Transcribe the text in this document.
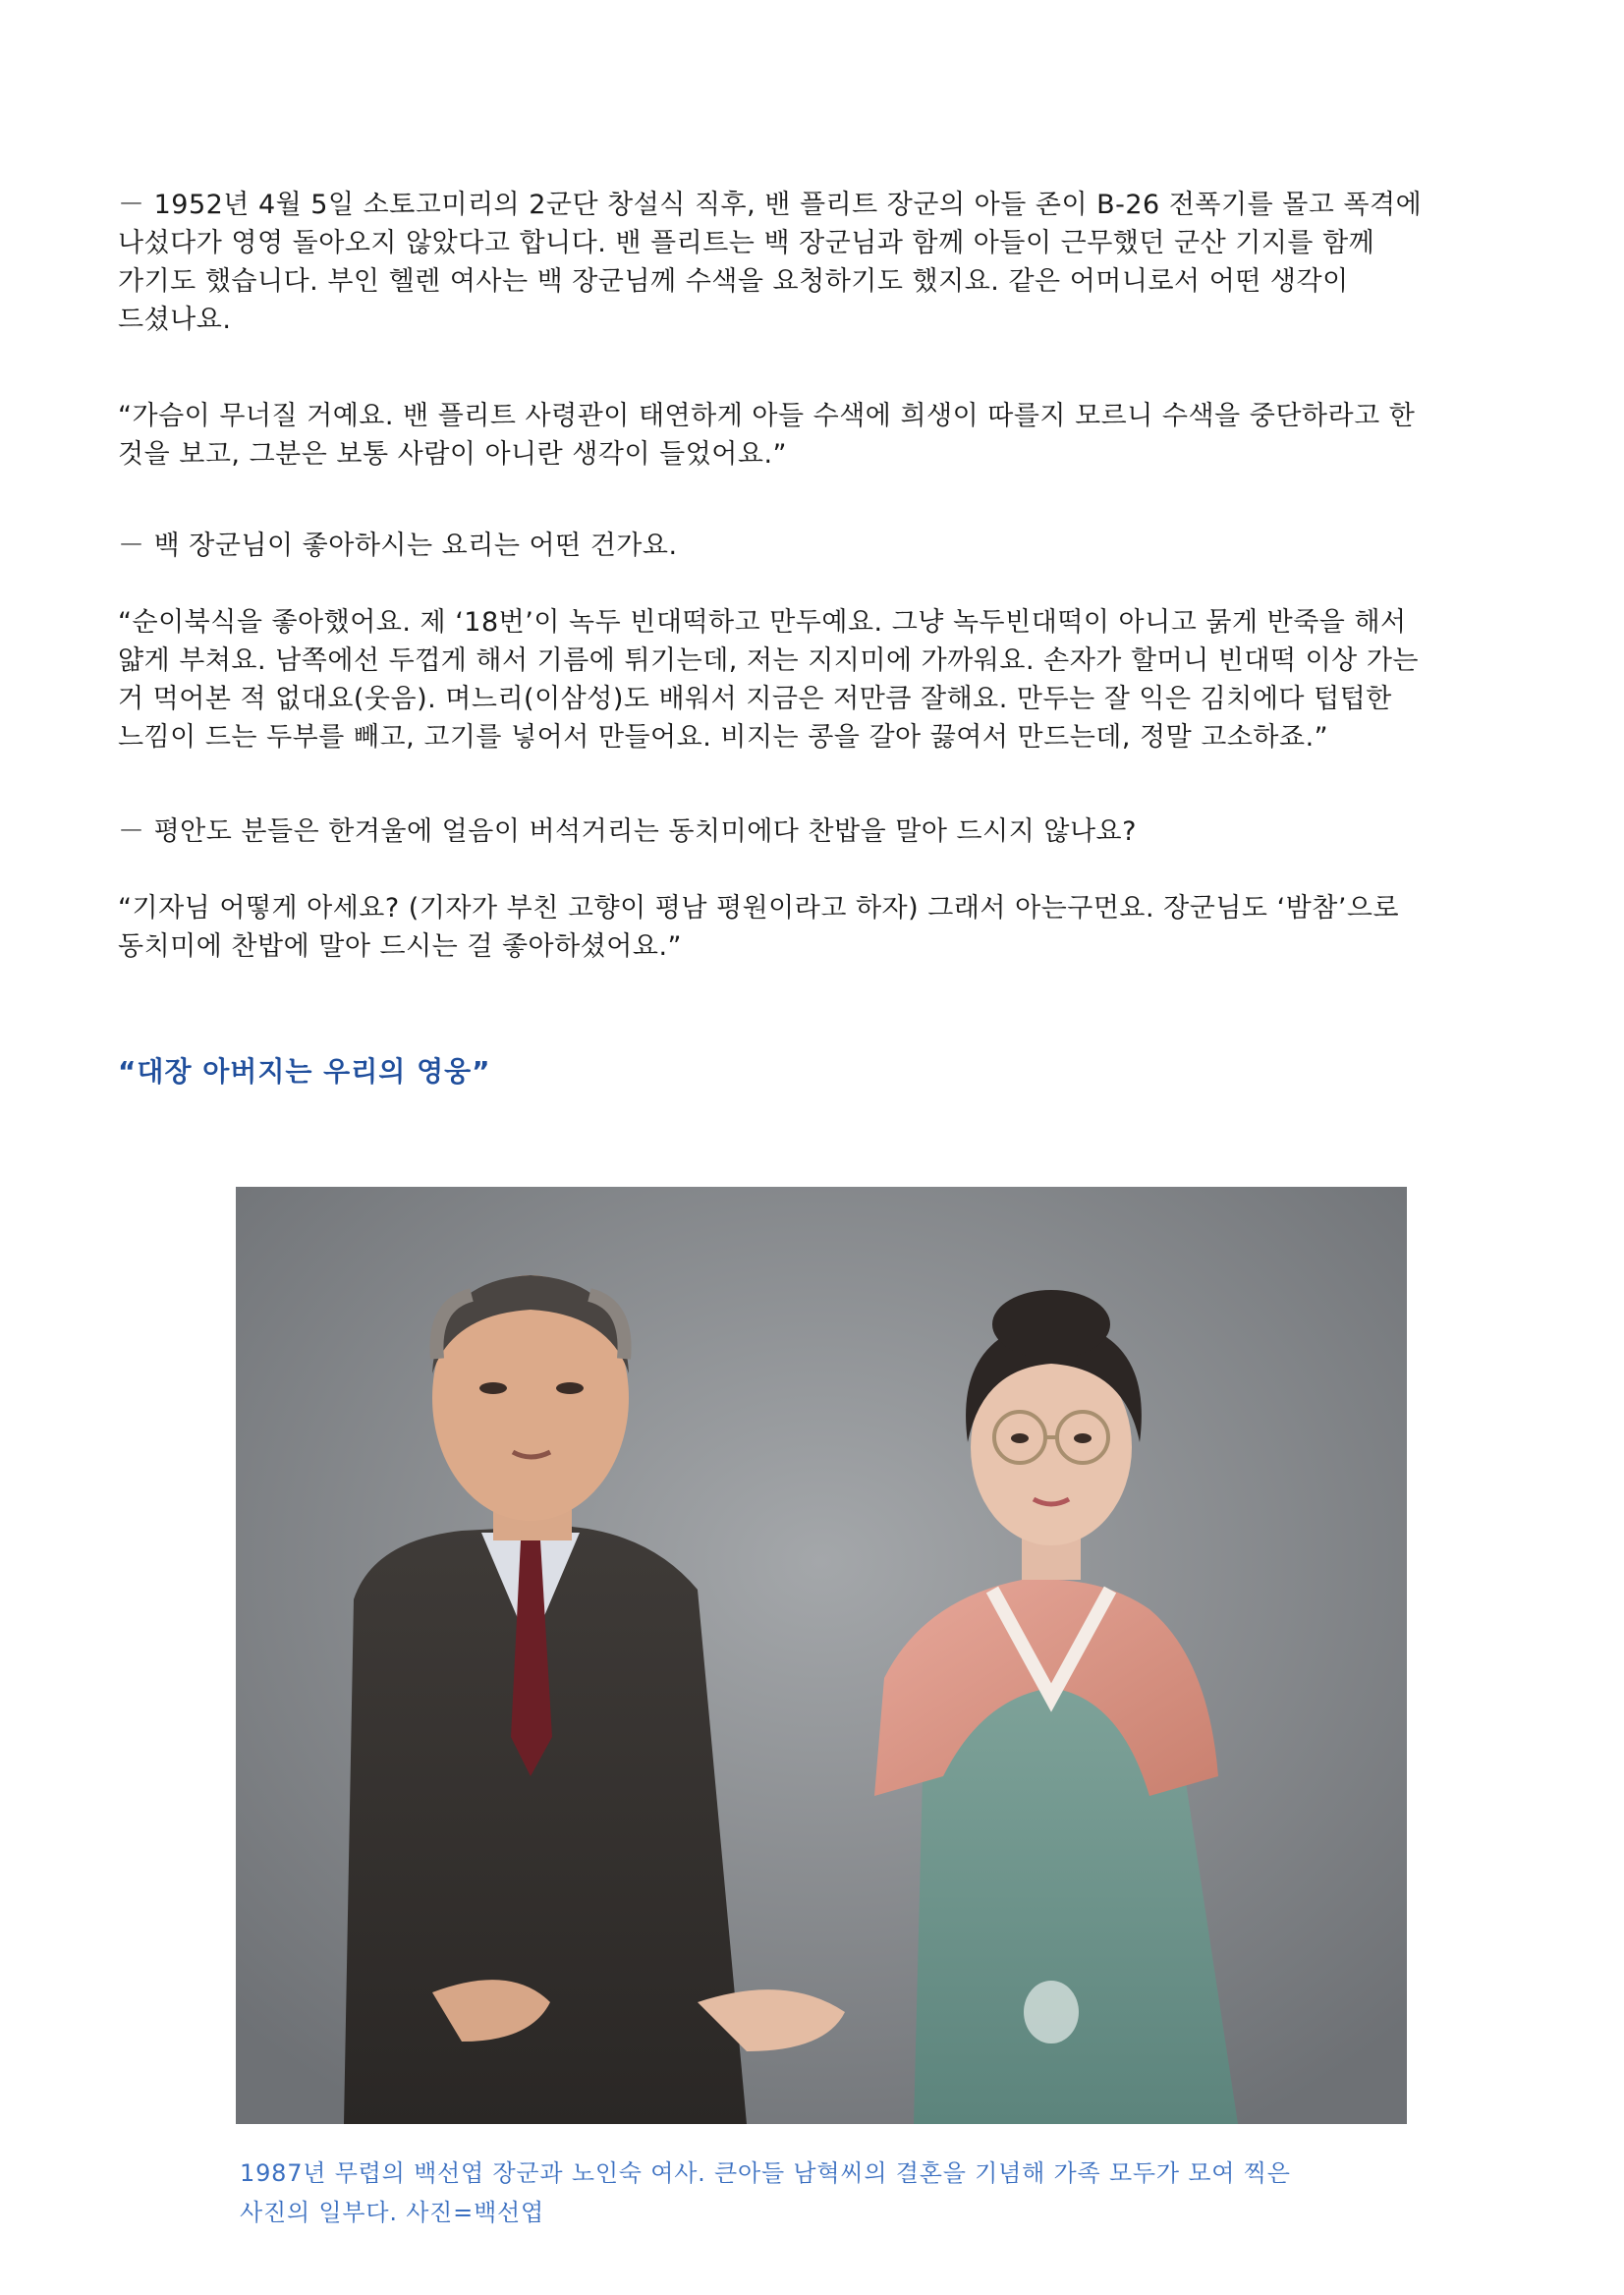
－ 1952년 4월 5일 소토고미리의 2군단 창설식 직후, 밴 플리트 장군의 아들 존이 B-26 전폭기를 몰고 폭격에
나섰다가 영영 돌아오지 않았다고 합니다. 밴 플리트는 백 장군님과 함께 아들이 근무했던 군산 기지를 함께
가기도 했습니다. 부인 헬렌 여사는 백 장군님께 수색을 요청하기도 했지요. 같은 어머니로서 어떤 생각이
드셨나요.
“가슴이 무너질 거예요. 밴 플리트 사령관이 태연하게 아들 수색에 희생이 따를지 모르니 수색을 중단하라고 한
것을 보고, 그분은 보통 사람이 아니란 생각이 들었어요.”
－ 백 장군님이 좋아하시는 요리는 어떤 건가요.
“순이북식을 좋아했어요. 제 ‘18번’이 녹두 빈대떡하고 만두예요. 그냥 녹두빈대떡이 아니고 묽게 반죽을 해서
얇게 부쳐요. 남쪽에선 두껍게 해서 기름에 튀기는데, 저는 지지미에 가까워요. 손자가 할머니 빈대떡 이상 가는
거 먹어본 적 없대요(웃음). 며느리(이삼성)도 배워서 지금은 저만큼 잘해요. 만두는 잘 익은 김치에다 텁텁한
느낌이 드는 두부를 빼고, 고기를 넣어서 만들어요. 비지는 콩을 갈아 끓여서 만드는데, 정말 고소하죠.”
－ 평안도 분들은 한겨울에 얼음이 버석거리는 동치미에다 찬밥을 말아 드시지 않나요?
“기자님 어떻게 아세요? (기자가 부친 고향이 평남 평원이라고 하자) 그래서 아는구먼요. 장군님도 ‘밤참’으로
동치미에 찬밥에 말아 드시는 걸 좋아하셨어요.”
“대장 아버지는 우리의 영웅”
1987년 무렵의 백선엽 장군과 노인숙 여사. 큰아들 남혁씨의 결혼을 기념해 가족 모두가 모여 찍은
사진의 일부다. 사진=백선엽
